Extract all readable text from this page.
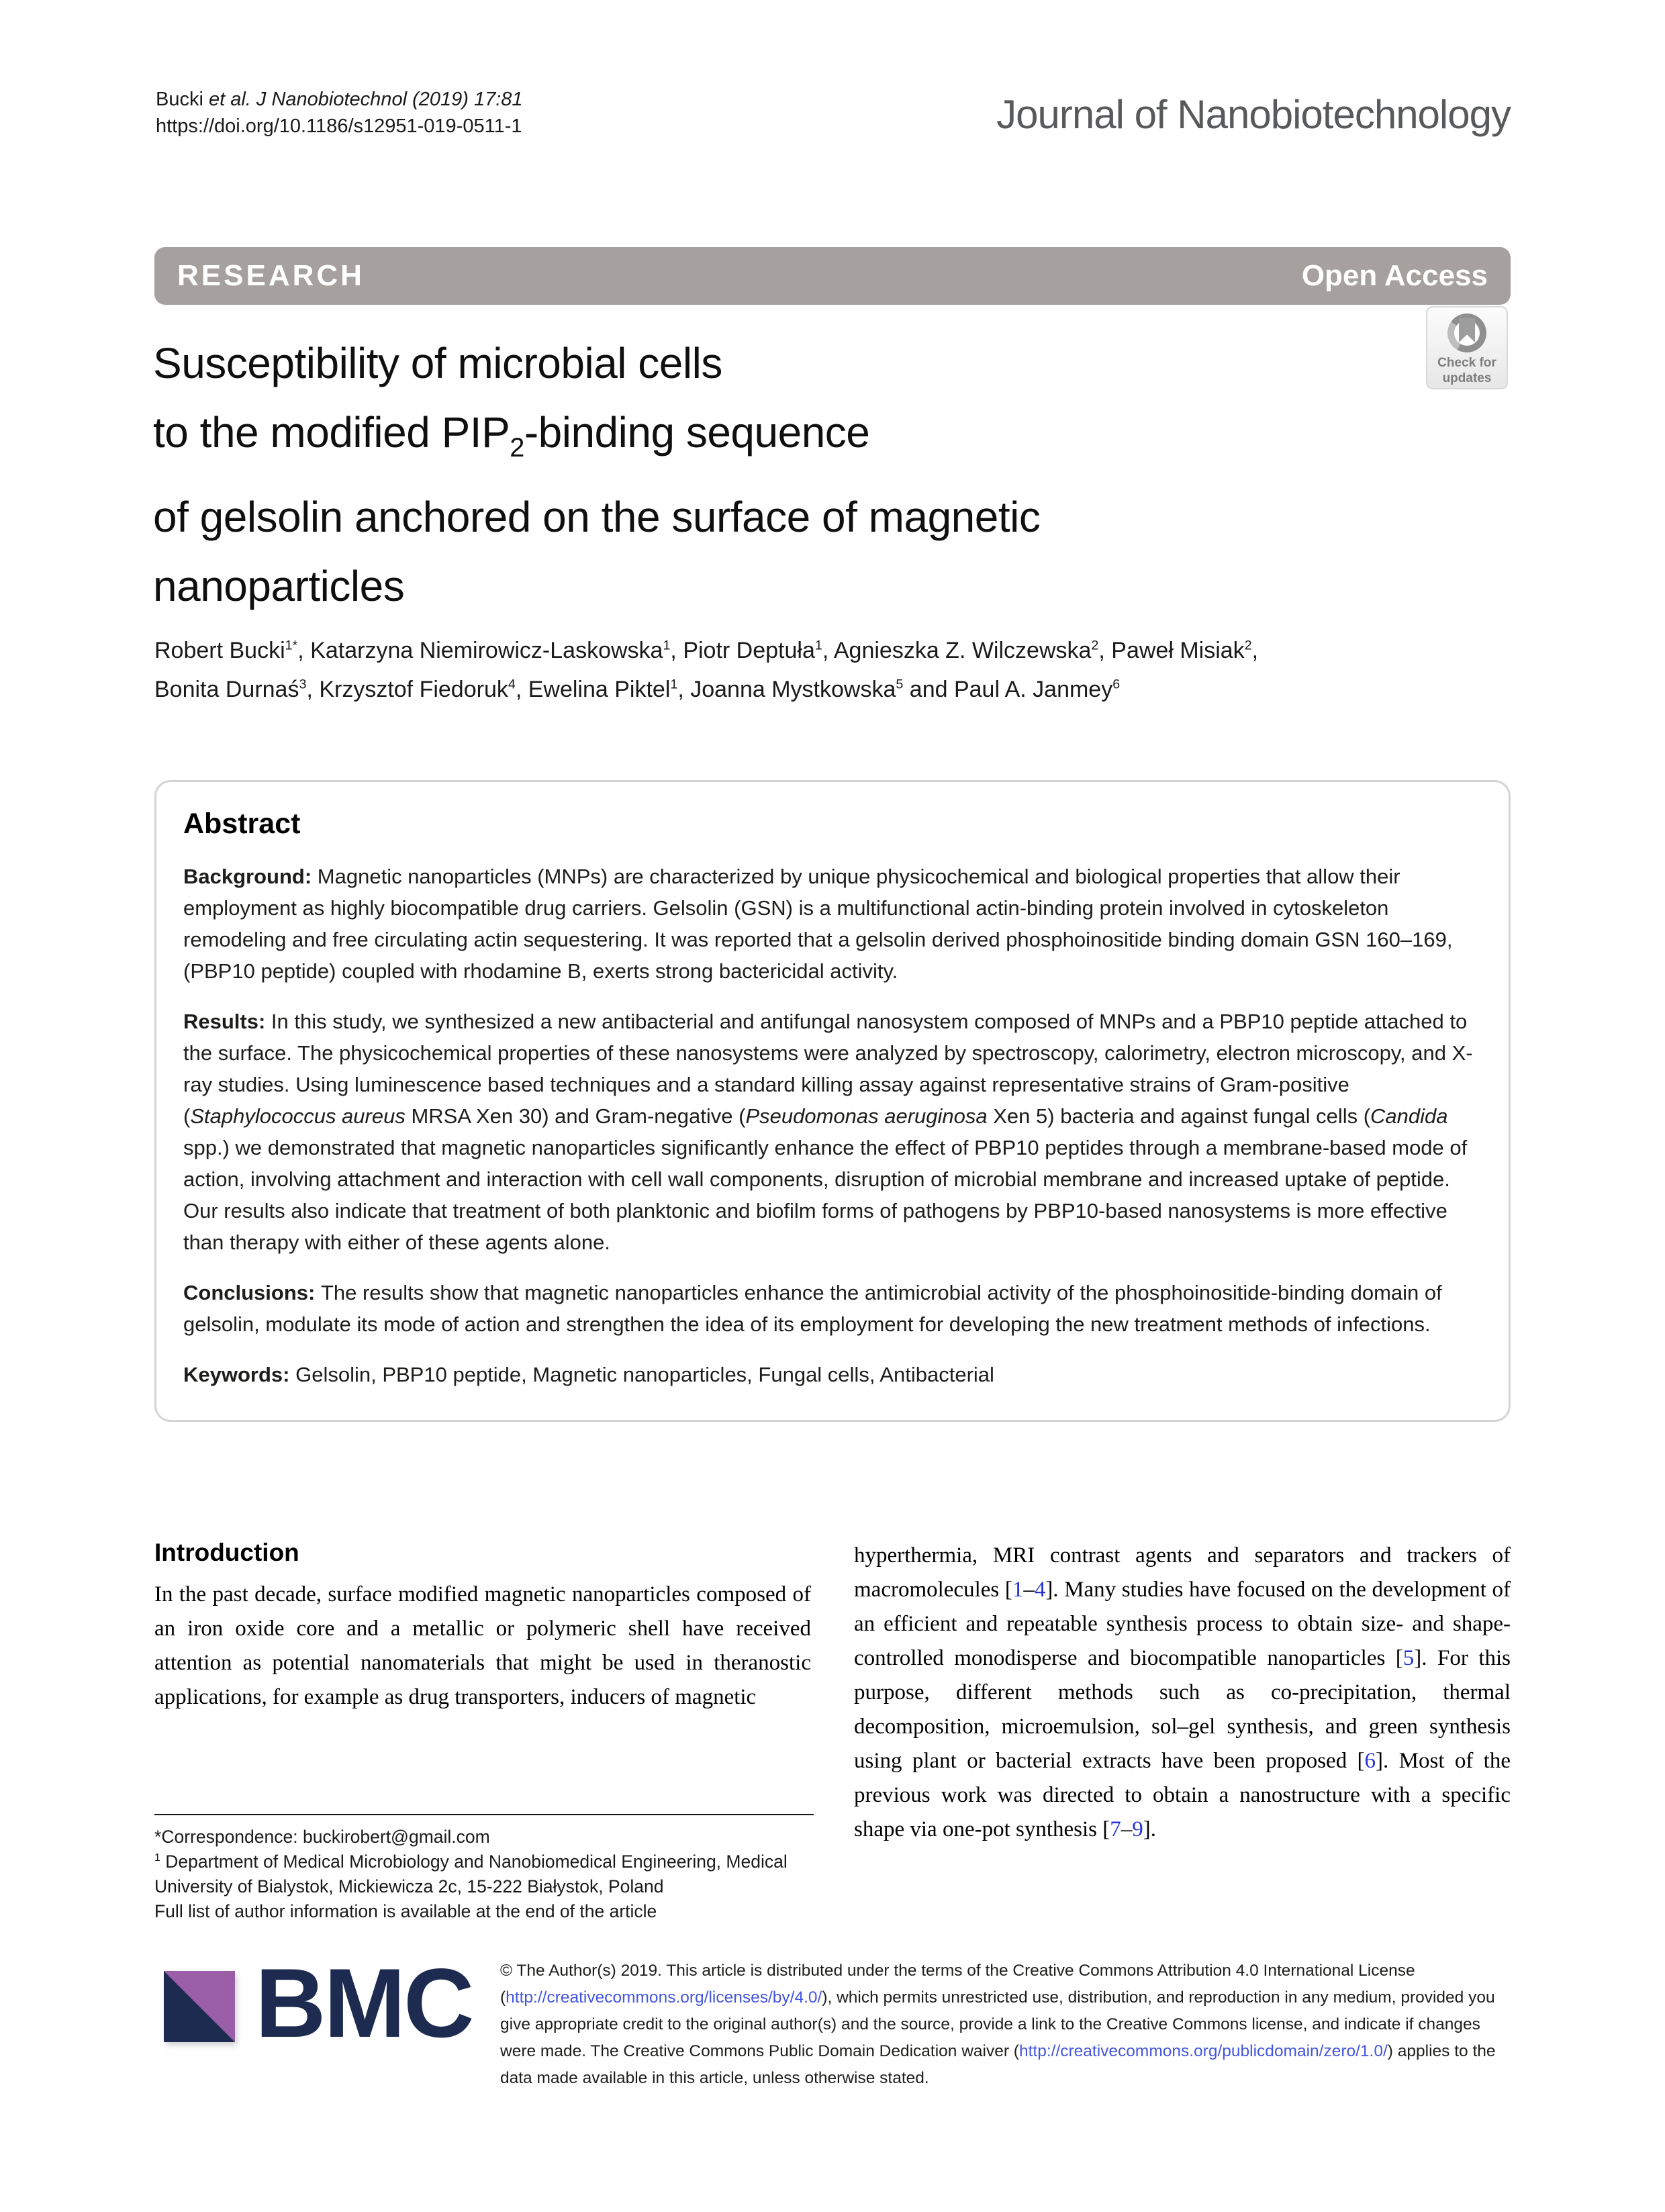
Bucki et al. J Nanobiotechnol (2019) 17:81
https://doi.org/10.1186/s12951-019-0511-1	Journal of Nanobiotechnology
RESEARCH	Open Access
Check for
updates
Susceptibility of microbial cells
to the modified $PIP_2$-binding sequence
of gelsolin anchored on the surface of magnetic
nanoparticles
Robert Bucki$^{1*}$, Katarzyna Niemirowicz-Laskowska$^1$, Piotr Deptuła$^1$, Agnieszka Z. Wilczewska$^2$, Paweł Misiak$^2$,
Bonita Durnaś$^3$, Krzysztof Fiedoruk$^4$, Ewelina Piktel$^1$, Joanna Mystkowska$^5$ and Paul A. Janmey$^6$
Abstract

Background: Magnetic nanoparticles (MNPs) are characterized by unique physicochemical and biological properties that allow their employment as highly biocompatible drug carriers. Gelsolin (GSN) is a multifunctional actin-binding protein involved in cytoskeleton remodeling and free circulating actin sequestering. It was reported that a gelsolin derived phosphoinositide binding domain GSN 160–169, (PBP10 peptide) coupled with rhodamine B, exerts strong bactericidal activity.

Results: In this study, we synthesized a new antibacterial and antifungal nanosystem composed of MNPs and a PBP10 peptide attached to the surface. The physicochemical properties of these nanosystems were analyzed by spectroscopy, calorimetry, electron microscopy, and X-ray studies. Using luminescence based techniques and a standard killing assay against representative strains of Gram-positive (Staphylococcus aureus MRSA Xen 30) and Gram-negative (Pseudomonas aeruginosa Xen 5) bacteria and against fungal cells (Candida spp.) we demonstrated that magnetic nanoparticles significantly enhance the effect of PBP10 peptides through a membrane-based mode of action, involving attachment and interaction with cell wall components, disruption of microbial membrane and increased uptake of peptide. Our results also indicate that treatment of both planktonic and biofilm forms of pathogens by PBP10-based nanosystems is more effective than therapy with either of these agents alone.

Conclusions: The results show that magnetic nanoparticles enhance the antimicrobial activity of the phosphoinositide-binding domain of gelsolin, modulate its mode of action and strengthen the idea of its employment for developing the new treatment methods of infections.

Keywords: Gelsolin, PBP10 peptide, Magnetic nanoparticles, Fungal cells, Antibacterial

Introduction

In the past decade, surface modified magnetic nanoparticles composed of an iron oxide core and a metallic or polymeric shell have received attention as potential nanomaterials that might be used in theranostic applications, for example as drug transporters, inducers of magnetic

hyperthermia, MRI contrast agents and separators and trackers of macromolecules [1–4]. Many studies have focused on the development of an efficient and repeatable synthesis process to obtain size- and shape-controlled monodisperse and biocompatible nanoparticles [5]. For this purpose, different methods such as co-precipitation, thermal decomposition, microemulsion, sol–gel synthesis, and green synthesis using plant or bacterial extracts have been proposed [6]. Most of the previous work was directed to obtain a nanostructure with a specific shape via one-pot synthesis [7–9].

*Correspondence: buckirobert@gmail.com
$^1$ Department of Medical Microbiology and Nanobiomedical Engineering, Medical University of Bialystok, Mickiewicza 2c, 15-222 Białystok, Poland
Full list of author information is available at the end of the article
BMC © The Author(s) 2019. This article is distributed under the terms of the Creative Commons Attribution 4.0 International License (http://creativecommons.org/licenses/by/4.0/), which permits unrestricted use, distribution, and reproduction in any medium, provided you give appropriate credit to the original author(s) and the source, provide a link to the Creative Commons license, and indicate if changes were made. The Creative Commons Public Domain Dedication waiver (http://creativecommons.org/publicdomain/zero/1.0/) applies to the data made available in this article, unless otherwise stated.
